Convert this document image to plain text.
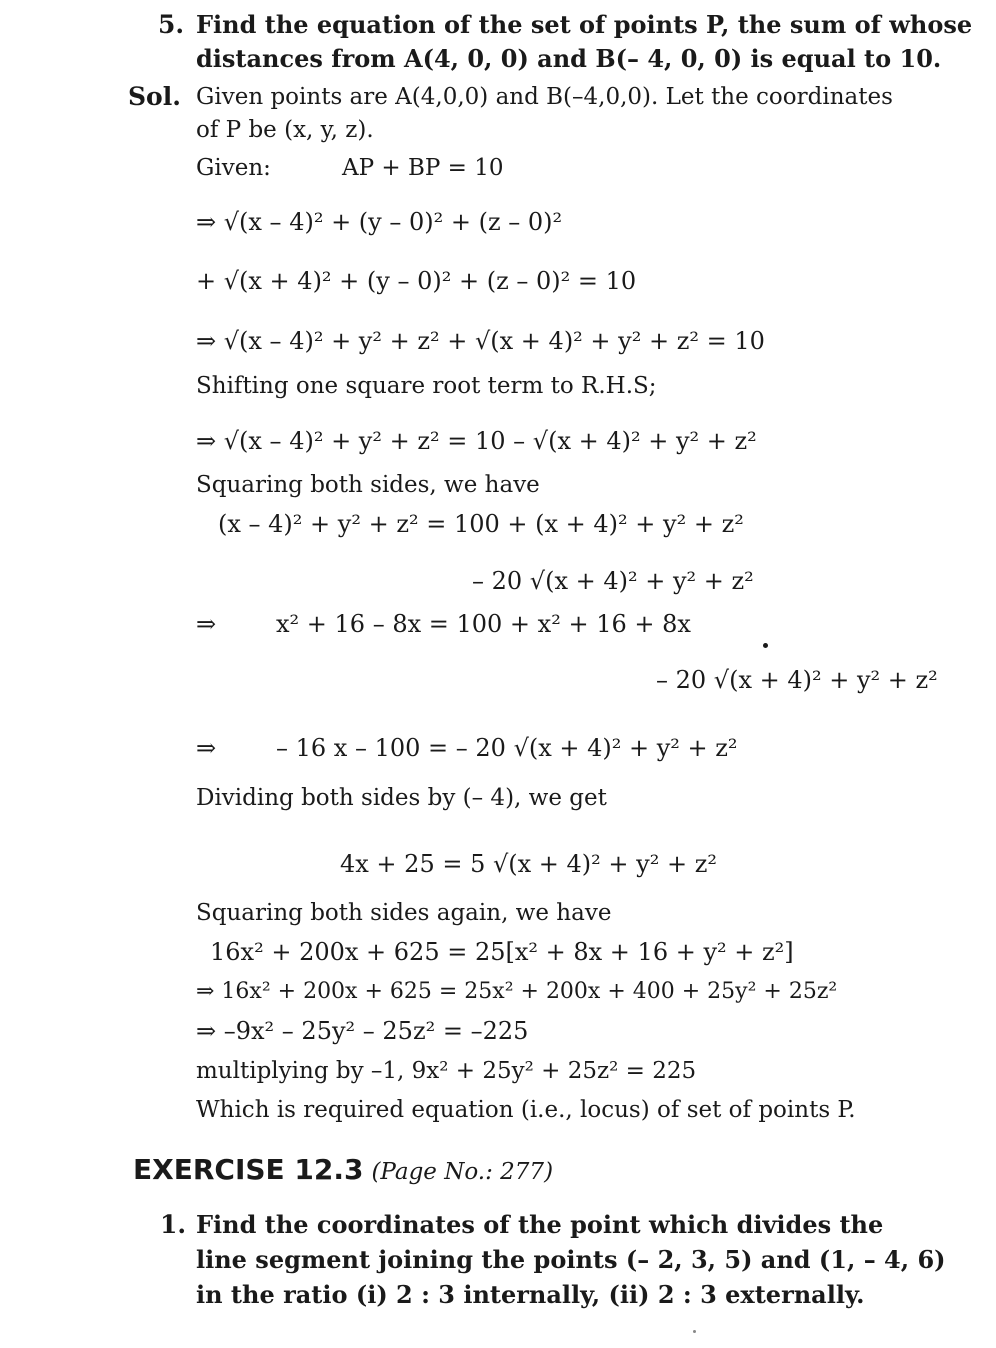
5. Find the equation of the set of points P, the sum of whose
distances from A(4, 0, 0) and B(– 4, 0, 0) is equal to 10.
Sol. Given points are A(4,0,0) and B(–4,0,0). Let the coordinates
of P be (x, y, z).
Given:	AP + BP = 10
⇒ √(x – 4)² + (y – 0)² + (z – 0)²
+ √(x + 4)² + (y – 0)² + (z – 0)² = 10
⇒ √(x – 4)² + y² + z² + √(x + 4)² + y² + z² = 10
Shifting one square root term to R.H.S;
⇒ √(x – 4)² + y² + z² = 10 – √(x + 4)² + y² + z²
Squaring both sides, we have
(x – 4)² + y² + z² = 100 + (x + 4)² + y² + z²
– 20 √(x + 4)² + y² + z²
⇒ x² + 16 – 8x = 100 + x² + 16 + 8x
– 20 √(x + 4)² + y² + z²
⇒ – 16 x – 100 = – 20 √(x + 4)² + y² + z²
Dividing both sides by (– 4), we get
4x + 25 = 5 √(x + 4)² + y² + z²
Squaring both sides again, we have
16x² + 200x + 625 = 25[x² + 8x + 16 + y² + z²]
⇒ 16x² + 200x + 625 = 25x² + 200x + 400 + 25y² + 25z²
⇒ –9x² – 25y² – 25z² = –225
multiplying by –1, 9x² + 25y² + 25z² = 225
Which is required equation (i.e., locus) of set of points P.
EXERCISE 12.3 (Page No.: 277)
1. Find the coordinates of the point which divides the
line segment joining the points (– 2, 3, 5) and (1, – 4, 6)
in the ratio (i) 2 : 3 internally, (ii) 2 : 3 externally.
